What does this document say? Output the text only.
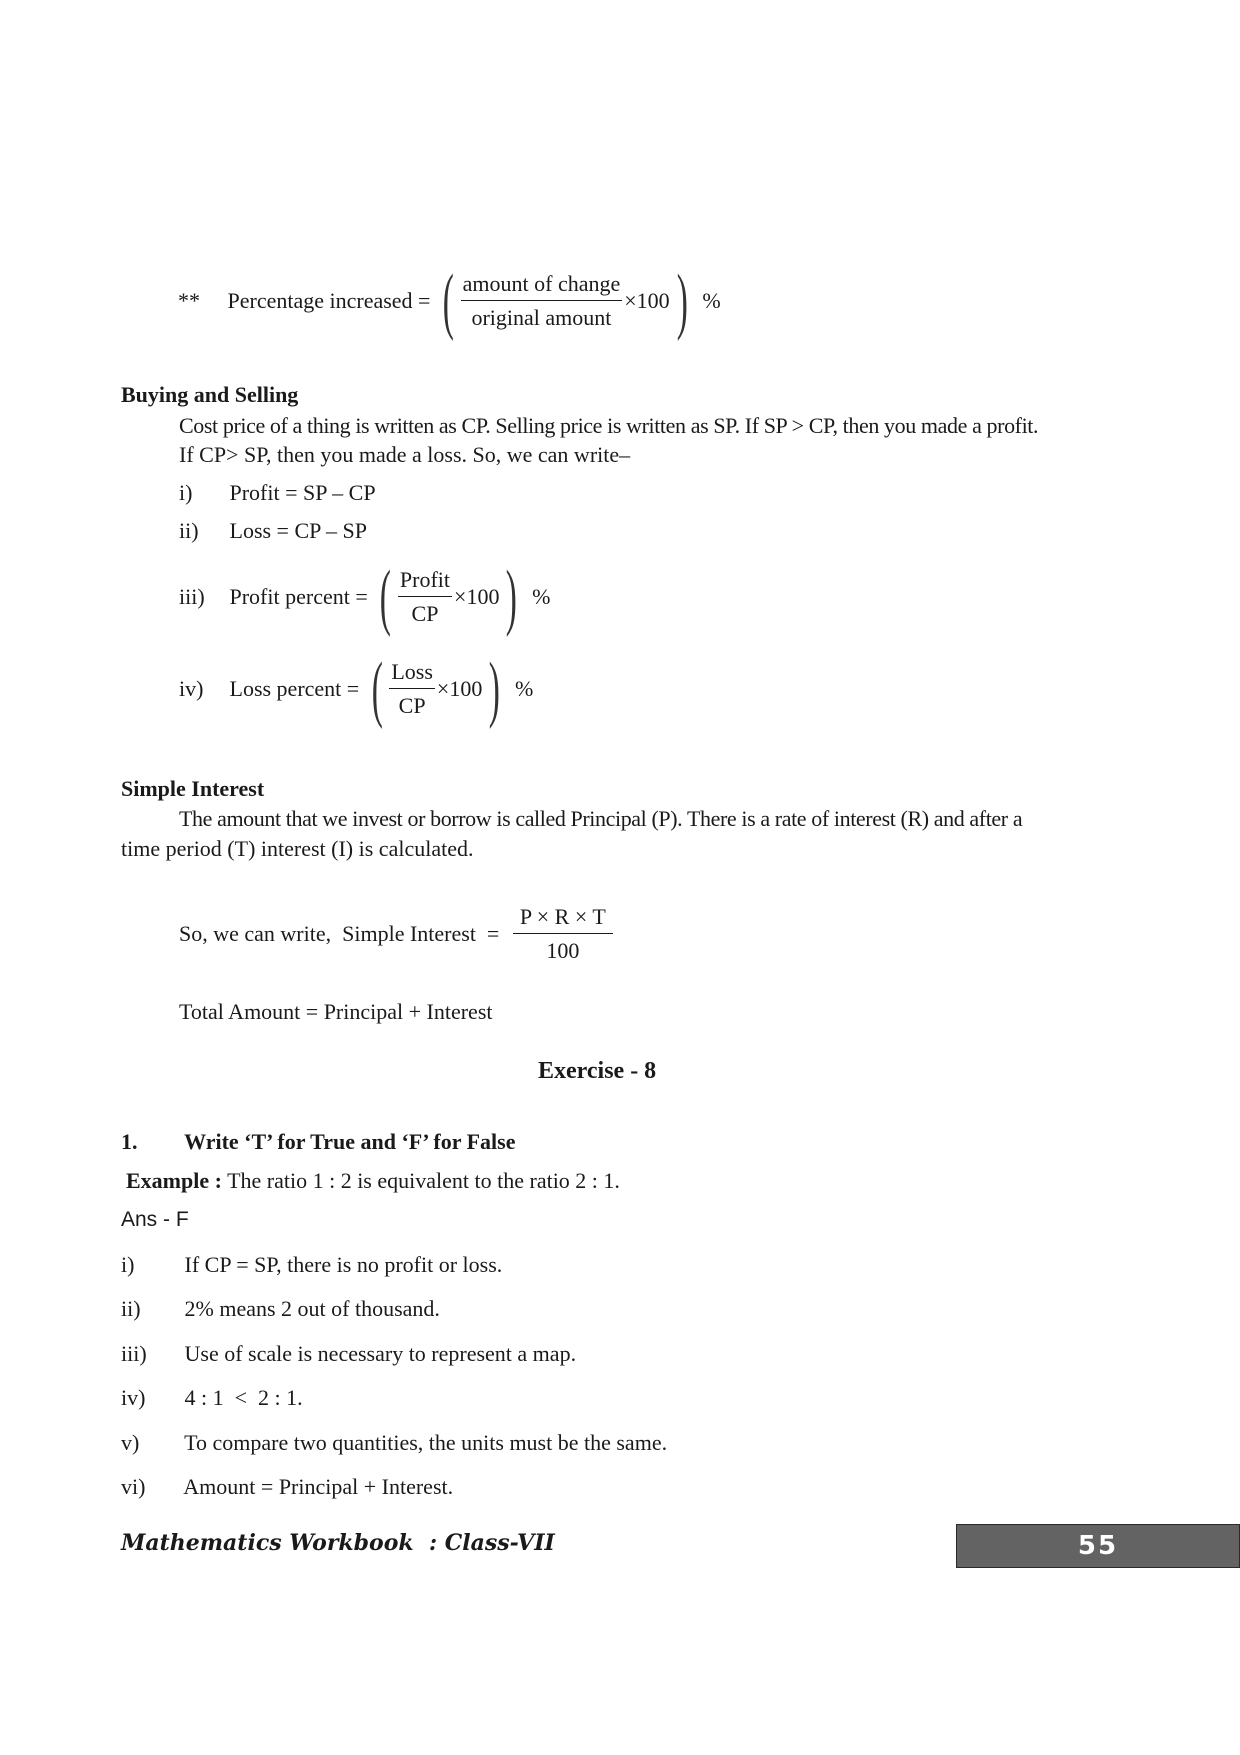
** Percentage increased = ( $\frac{\text{amount of change}}{\text{original amount}} \times 100$ ) %
Buying and Selling
Cost price of a thing is written as CP. Selling price is written as SP. If SP > CP, then you made a profit.
If CP> SP, then you made a loss. So, we can write–
i) Profit = SP – CP
ii) Loss = CP – SP
iii) Profit percent = ( $\frac{\text{Profit}}{CP} \times 100$ ) %
iv) Loss percent = ( $\frac{\text{Loss}}{CP} \times 100$ ) %
Simple Interest
The amount that we invest or borrow is called Principal (P). There is a rate of interest (R) and after a
time period (T) interest (I) is calculated.
So, we can write,  Simple Interest  = $\frac{P \times R \times T}{100}$
Total Amount = Principal + Interest
Exercise - 8
1. Write ‘T’ for True and ‘F’ for False
Example : The ratio 1 : 2 is equivalent to the ratio 2 : 1.
Ans - F
i) If CP = SP, there is no profit or loss.
ii) 2% means 2 out of thousand.
iii) Use of scale is necessary to represent a map.
iv) 4 : 1  <  2 : 1.
v) To compare two quantities, the units must be the same.
vi) Amount = Principal + Interest.
Mathematics Workbook  : Class-VII	55
